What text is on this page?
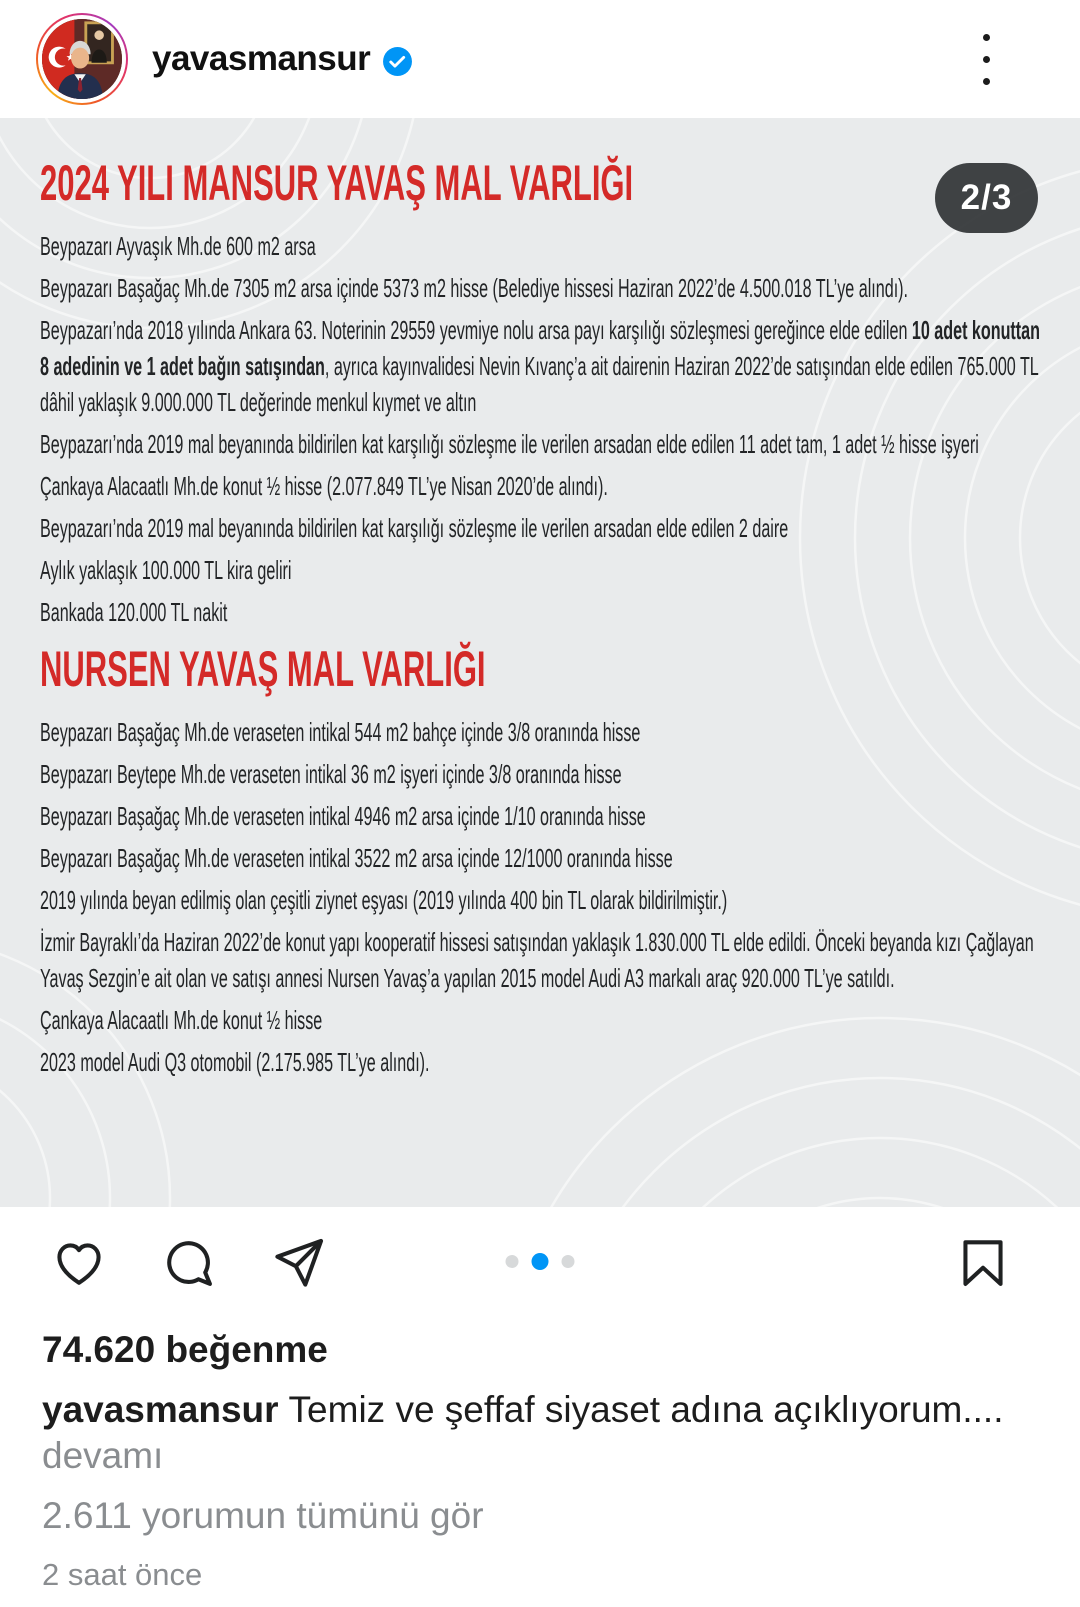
yavasmansur
2/3
2024 YILI MANSUR YAVAŞ MAL VARLIĞI

Beypazarı Ayvaşık Mh.de 600 m2 arsa

Beypazarı Başağaç Mh.de 7305 m2 arsa içinde 5373 m2 hisse (Belediye hissesi Haziran 2022’de 4.500.018 TL’ye alındı).

Beypazarı’nda 2018 yılında Ankara 63. Noterinin 29559 yevmiye nolu arsa payı karşılığı sözleşmesi gereğince elde edilen 10 adet konuttan 8 adedinin ve 1 adet bağın satışından, ayrıca kayınvalidesi Nevin Kıvanç’a ait dairenin Haziran 2022’de satışından elde edilen 765.000 TL dâhil yaklaşık 9.000.000 TL değerinde menkul kıymet ve altın

Beypazarı’nda 2019 mal beyanında bildirilen kat karşılığı sözleşme ile verilen arsadan elde edilen 11 adet tam, 1 adet ½ hisse işyeri

Çankaya Alacaatlı Mh.de konut ½ hisse (2.077.849 TL’ye Nisan 2020’de alındı).

Beypazarı’nda 2019 mal beyanında bildirilen kat karşılığı sözleşme ile verilen arsadan elde edilen 2 daire

Aylık yaklaşık 100.000 TL kira geliri

Bankada 120.000 TL nakit

NURSEN YAVAŞ MAL VARLIĞI

Beypazarı Başağaç Mh.de veraseten intikal 544 m2 bahçe içinde 3/8 oranında hisse

Beypazarı Beytepe Mh.de veraseten intikal 36 m2 işyeri içinde 3/8 oranında hisse

Beypazarı Başağaç Mh.de veraseten intikal 4946 m2 arsa içinde 1/10 oranında hisse

Beypazarı Başağaç Mh.de veraseten intikal 3522 m2 arsa içinde 12/1000 oranında hisse

2019 yılında beyan edilmiş olan çeşitli ziynet eşyası (2019 yılında 400 bin TL olarak bildirilmiştir.)

İzmir Bayraklı’da Haziran 2022’de konut yapı kooperatif hissesi satışından yaklaşık 1.830.000 TL elde edildi. Önceki beyanda kızı Çağlayan Yavaş Sezgin’e ait olan ve satışı annesi Nursen Yavaş’a yapılan 2015 model Audi A3 markalı araç 920.000 TL’ye satıldı.

Çankaya Alacaatlı Mh.de konut ½ hisse

2023 model Audi Q3 otomobil (2.175.985 TL’ye alındı).

74.620 beğenme
yavasmansur Temiz ve şeffaf siyaset adına açıklıyorum....
devamı
2.611 yorumun tümünü gör
2 saat önce
